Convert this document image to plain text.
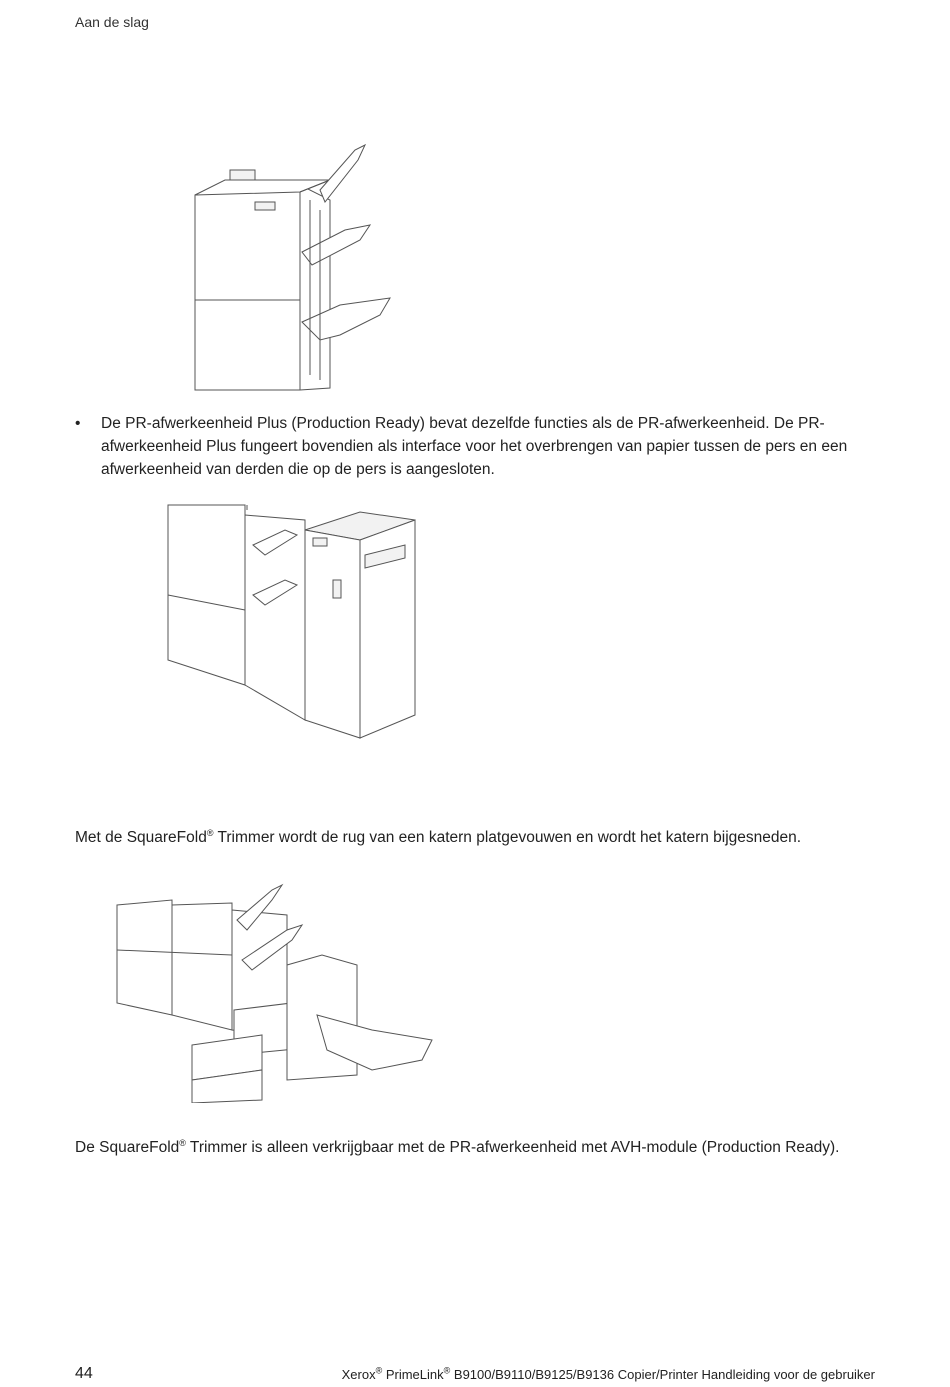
Aan de slag
•	De PR-afwerkeenheid Plus (Production Ready) bevat dezelfde functies als de PR-afwerkeenheid. De PR-afwerkeenheid Plus fungeert bovendien als interface voor het overbrengen van papier tussen de pers en een afwerkeenheid van derden die op de pers is aangesloten.
Met de SquareFold® Trimmer wordt de rug van een katern platgevouwen en wordt het katern bijgesneden.
De SquareFold® Trimmer is alleen verkrijgbaar met de PR-afwerkeenheid met AVH-module (Production Ready).
44	Xerox® PrimeLink® B9100/B9110/B9125/B9136 Copier/Printer Handleiding voor de gebruiker
